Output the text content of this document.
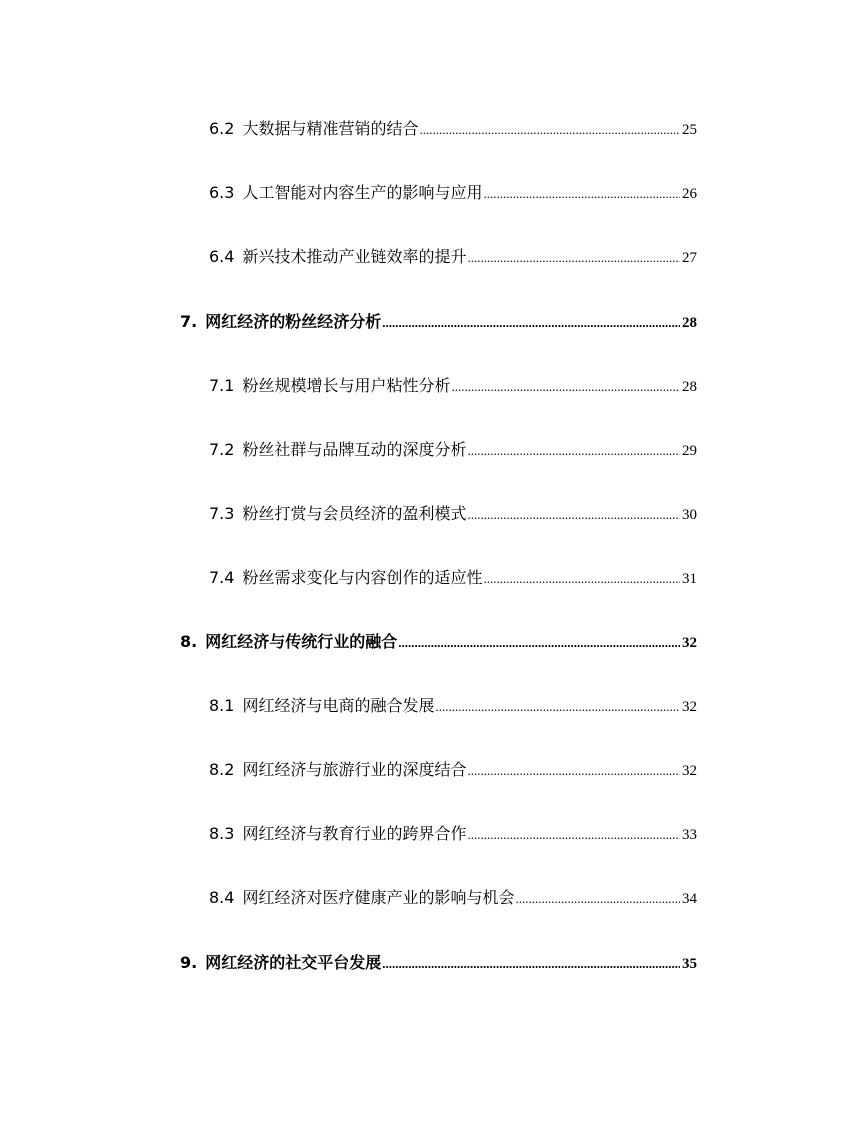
6.2 大数据与精准营销的结合 .....	25
6.3 人工智能对内容生产的影响与应用 .....	26
6.4 新兴技术推动产业链效率的提升 .....	27
7. 网红经济的粉丝经济分析 .....	28
7.1 粉丝规模增长与用户粘性分析 .....	28
7.2 粉丝社群与品牌互动的深度分析 .....	29
7.3 粉丝打赏与会员经济的盈利模式 .....	30
7.4 粉丝需求变化与内容创作的适应性 .....	31
8. 网红经济与传统行业的融合 .....	32
8.1 网红经济与电商的融合发展 .....	32
8.2 网红经济与旅游行业的深度结合 .....	32
8.3 网红经济与教育行业的跨界合作 .....	33
8.4 网红经济对医疗健康产业的影响与机会 .....	34
9. 网红经济的社交平台发展 .....	35
